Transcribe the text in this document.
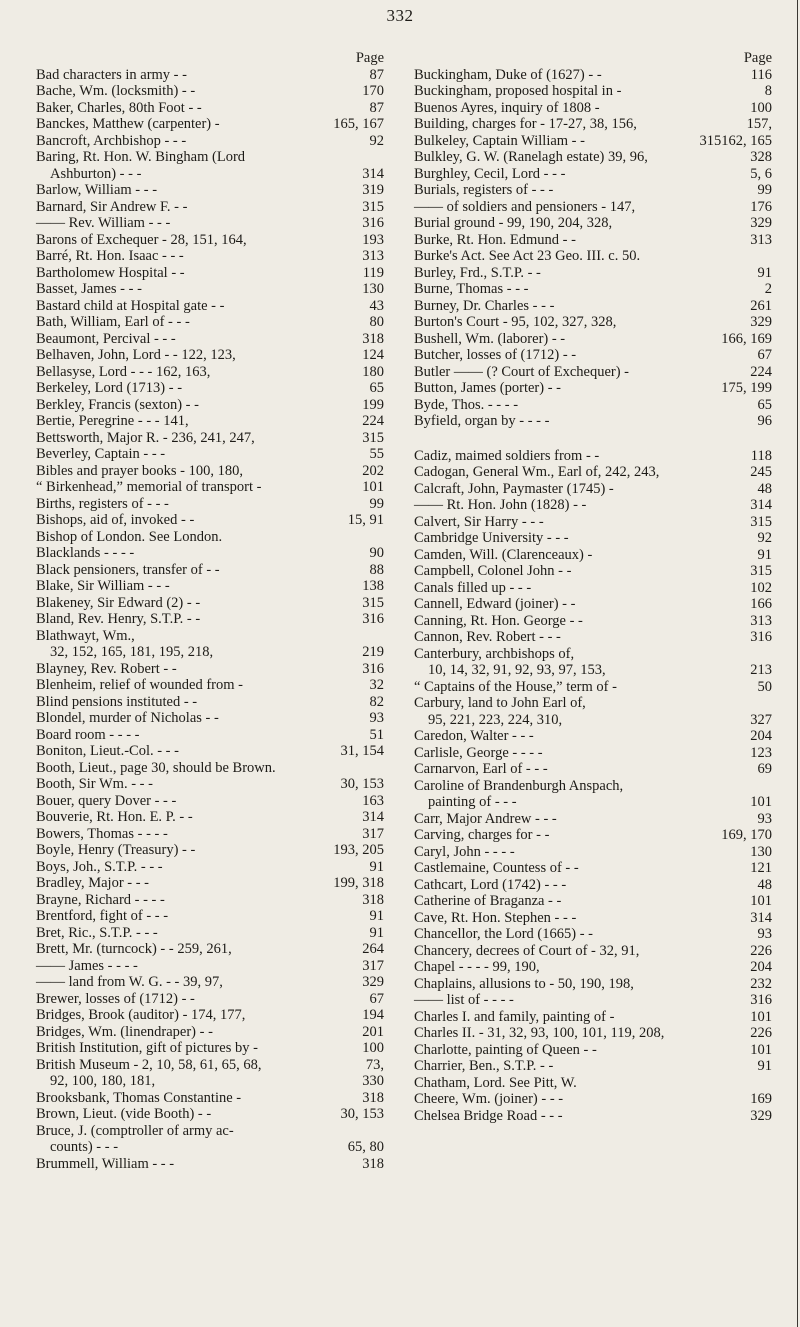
332
Page
87
Bad characters in army - -
170
Bache, Wm. (locksmith) - -
87
Baker, Charles, 80th Foot - -
165, 167
Banckes, Matthew (carpenter) -
92
Bancroft, Archbishop - - -
Baring, Rt. Hon. W. Bingham (Lord
314
Ashburton) - - -
319
Barlow, William - - -
315
Barnard, Sir Andrew F. - -
316
—— Rev. William - - -
193
Barons of Exchequer - 28, 151, 164,
313
Barré, Rt. Hon. Isaac - - -
119
Bartholomew Hospital - -
130
Basset, James - - -
43
Bastard child at Hospital gate - -
80
Bath, William, Earl of - - -
318
Beaumont, Percival - - -
124
Belhaven, John, Lord - - 122, 123,
180
Bellasyse, Lord - - - 162, 163,
65
Berkeley, Lord (1713) - -
199
Berkley, Francis (sexton) - -
224
Bertie, Peregrine - - - 141,
315
Bettsworth, Major R. - 236, 241, 247,
55
Beverley, Captain - - -
202
Bibles and prayer books - 100, 180,
101
“ Birkenhead,” memorial of transport -
99
Births, registers of - - -
15, 91
Bishops, aid of, invoked - -
Bishop of London. See London.
90
Blacklands - - - -
88
Black pensioners, transfer of - -
138
Blake, Sir William - - -
315
Blakeney, Sir Edward (2) - -
316
Bland, Rev. Henry, S.T.P. - -
Blathwayt, Wm.,
219
32, 152, 165, 181, 195, 218,
316
Blayney, Rev. Robert - -
32
Blenheim, relief of wounded from -
82
Blind pensions instituted - -
93
Blondel, murder of Nicholas - -
51
Board room - - - -
31, 154
Boniton, Lieut.-Col. - - -
Booth, Lieut., page 30, should be Brown.
30, 153
Booth, Sir Wm. - - -
163
Bouer, query Dover - - -
314
Bouverie, Rt. Hon. E. P. - -
317
Bowers, Thomas - - - -
193, 205
Boyle, Henry (Treasury) - -
91
Boys, Joh., S.T.P. - - -
199, 318
Bradley, Major - - -
318
Brayne, Richard - - - -
91
Brentford, fight of - - -
91
Bret, Ric., S.T.P. - - -
264
Brett, Mr. (turncock) - - 259, 261,
317
—— James - - - -
329
—— land from W. G. - - 39, 97,
67
Brewer, losses of (1712) - -
194
Bridges, Brook (auditor) - 174, 177,
201
Bridges, Wm. (linendraper) - -
100
British Institution, gift of pictures by -
73,
British Museum - 2, 10, 58, 61, 65, 68,
330
92, 100, 180, 181,
318
Brooksbank, Thomas Constantine -
30, 153
Brown, Lieut. (vide Booth) - -
Bruce, J. (comptroller of army ac-
65, 80
counts) - - -
318
Brummell, William - - -
Page
116
Buckingham, Duke of (1627) - -
8
Buckingham, proposed hospital in -
100
Buenos Ayres, inquiry of 1808 -
157,
Building, charges for - 17-27, 38, 156,
162, 165
315
Bulkeley, Captain William - -
328
Bulkley, G. W. (Ranelagh estate) 39, 96,
5, 6
Burghley, Cecil, Lord - - -
99
Burials, registers of - - -
176
—— of soldiers and pensioners - 147,
329
Burial ground - 99, 190, 204, 328,
313
Burke, Rt. Hon. Edmund - -
Burke's Act. See Act 23 Geo. III. c. 50.
91
Burley, Frd., S.T.P. - -
2
Burne, Thomas - - -
261
Burney, Dr. Charles - - -
329
Burton's Court - 95, 102, 327, 328,
166, 169
Bushell, Wm. (laborer) - -
67
Butcher, losses of (1712) - -
224
Butler —— (? Court of Exchequer) -
175, 199
Button, James (porter) - -
65
Byde, Thos. - - - -
96
Byfield, organ by - - - -
118
Cadiz, maimed soldiers from - -
245
Cadogan, General Wm., Earl of, 242, 243,
48
Calcraft, John, Paymaster (1745) -
314
—— Rt. Hon. John (1828) - -
315
Calvert, Sir Harry - - -
92
Cambridge University - - -
91
Camden, Will. (Clarenceaux) -
315
Campbell, Colonel John - -
102
Canals filled up - - -
166
Cannell, Edward (joiner) - -
313
Canning, Rt. Hon. George - -
316
Cannon, Rev. Robert - - -
Canterbury, archbishops of,
213
10, 14, 32, 91, 92, 93, 97, 153,
50
“ Captains of the House,” term of -
Carbury, land to John Earl of,
327
95, 221, 223, 224, 310,
204
Caredon, Walter - - -
123
Carlisle, George - - - -
69
Carnarvon, Earl of - - -
Caroline of Brandenburgh Anspach,
101
painting of - - -
93
Carr, Major Andrew - - -
169, 170
Carving, charges for - -
130
Caryl, John - - - -
121
Castlemaine, Countess of - -
48
Cathcart, Lord (1742) - - -
101
Catherine of Braganza - -
314
Cave, Rt. Hon. Stephen - - -
93
Chancellor, the Lord (1665) - -
226
Chancery, decrees of Court of - 32, 91,
204
Chapel - - - - 99, 190,
232
Chaplains, allusions to - 50, 190, 198,
316
—— list of - - - -
101
Charles I. and family, painting of -
226
Charles II. - 31, 32, 93, 100, 101, 119, 208,
101
Charlotte, painting of Queen - -
91
Charrier, Ben., S.T.P. - -
Chatham, Lord. See Pitt, W.
169
Cheere, Wm. (joiner) - - -
329
Chelsea Bridge Road - - -
